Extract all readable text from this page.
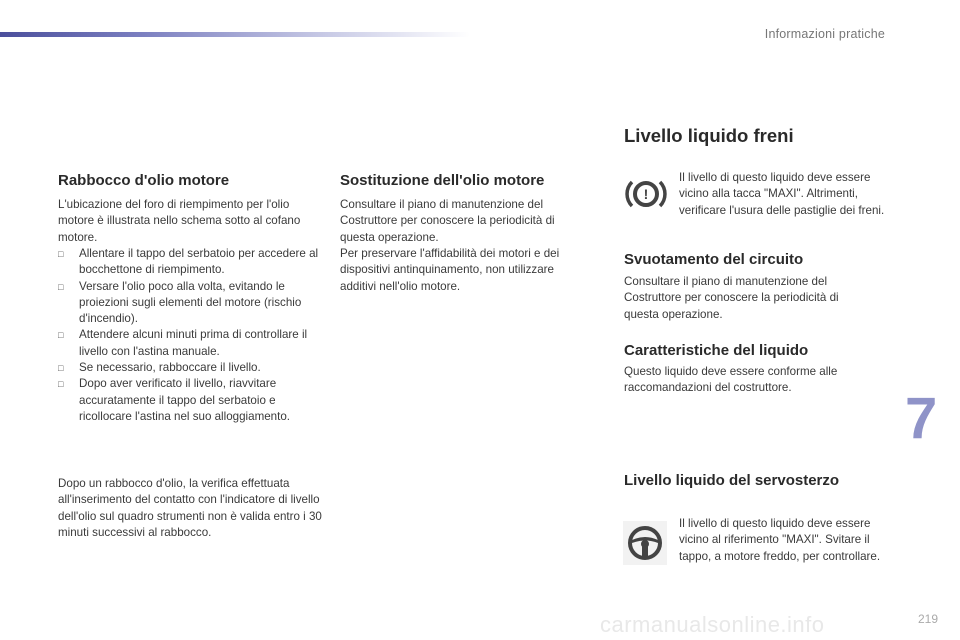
Informazioni pratiche
Rabbocco d'olio motore
L'ubicazione del foro di riempimento per l'olio motore è illustrata nello schema sotto al cofano motore.
□ Allentare il tappo del serbatoio per accedere al bocchettone di riempimento.
□ Versare l'olio poco alla volta, evitando le proiezioni sugli elementi del motore (rischio d'incendio).
□ Attendere alcuni minuti prima di controllare il livello con l'astina manuale.
□ Se necessario, rabboccare il livello.
□ Dopo aver verificato il livello, riavvitare accuratamente il tappo del serbatoio e ricollocare l'astina nel suo alloggiamento.
Dopo un rabbocco d'olio, la verifica effettuata all'inserimento del contatto con l'indicatore di livello dell'olio sul quadro strumenti non è valida entro i 30 minuti successivi al rabbocco.
Sostituzione dell'olio motore
Consultare il piano di manutenzione del Costruttore per conoscere la periodicità di questa operazione.
Per preservare l'affidabilità dei motori e dei dispositivi antinquinamento, non utilizzare additivi nell'olio motore.
Livello liquido freni
!
Il livello di questo liquido deve essere vicino alla tacca "MAXI". Altrimenti, verificare l'usura delle pastiglie dei freni.
Svuotamento del circuito
Consultare il piano di manutenzione del Costruttore per conoscere la periodicità di questa operazione.
Caratteristiche del liquido
Questo liquido deve essere conforme alle raccomandazioni del costruttore.
Livello liquido del servosterzo
Il livello di questo liquido deve essere vicino al riferimento "MAXI". Svitare il tappo, a motore freddo, per controllare.
7
carmanualsonline.info	219
